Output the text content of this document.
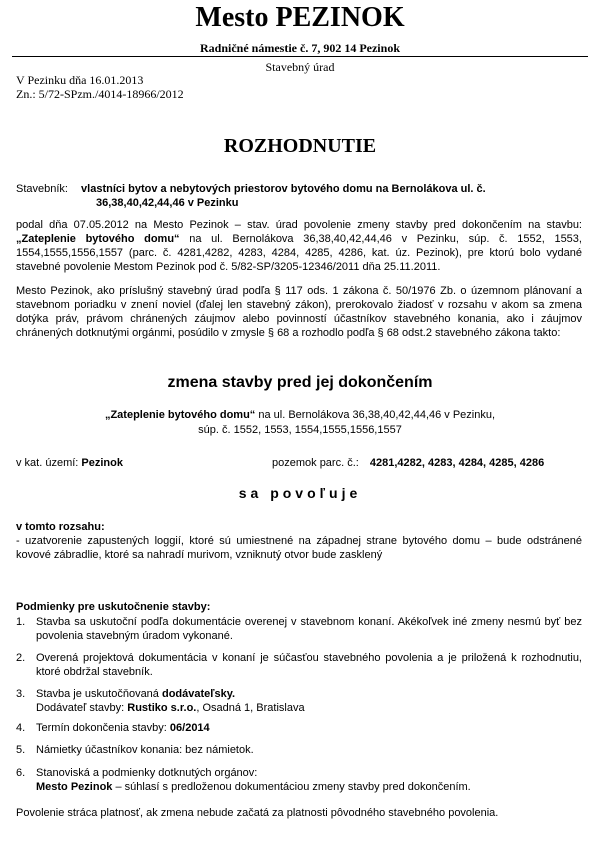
Mesto PEZINOK
Radničné námestie č. 7, 902 14 Pezinok
Stavebný úrad
V Pezinku dňa 16.01.2013
Zn.: 5/72-SPzm./4014-18966/2012
ROZHODNUTIE
Stavebník: vlastníci bytov a nebytových priestorov bytového domu na Bernolákova ul. č.
36,38,40,42,44,46 v Pezinku
podal dňa 07.05.2012 na Mesto Pezinok – stav. úrad povolenie zmeny stavby pred dokončením na stavbu: „Zateplenie bytového domu“ na ul. Bernolákova 36,38,40,42,44,46 v Pezinku, súp. č. 1552, 1553, 1554,1555,1556,1557 (parc. č. 4281,4282, 4283, 4284, 4285, 4286, kat. úz. Pezinok), pre ktorú bolo vydané stavebné povolenie Mestom Pezinok pod č. 5/82-SP/3205-12346/2011 dňa 25.11.2011.
Mesto Pezinok, ako príslušný stavebný úrad podľa § 117 ods. 1 zákona č. 50/1976 Zb. o územnom plánovaní a stavebnom poriadku v znení noviel (ďalej len stavebný zákon), prerokovalo žiadosť v rozsahu v akom sa zmena dotýka práv, právom chránených záujmov alebo povinností účastníkov stavebného konania, ako i záujmov chránených dotknutými orgánmi, posúdilo v zmysle § 68 a rozhodlo podľa § 68 odst.2 stavebného zákona takto:
zmena stavby pred jej dokončením
„Zateplenie bytového domu“ na ul. Bernolákova 36,38,40,42,44,46 v Pezinku,
súp. č. 1552, 1553, 1554,1555,1556,1557
v kat. území: Pezinok	pozemok parc. č.: 4281,4282, 4283, 4284, 4285, 4286
sa povoľuje
v tomto rozsahu:
- uzatvorenie zapustených loggií, ktoré sú umiestnené na západnej strane bytového domu – bude odstránené kovové zábradlie, ktoré sa nahradí murivom, vzniknutý otvor bude zasklený
Podmienky pre uskutočnenie stavby:
1. Stavba sa uskutoční podľa dokumentácie overenej v stavebnom konaní. Akékoľvek iné zmeny nesmú byť bez povolenia stavebným úradom vykonané.
2. Overená projektová dokumentácia v konaní je súčasťou stavebného povolenia a je priložená k rozhodnutiu, ktoré obdržal stavebník.
3. Stavba je uskutočňovaná dodávateľsky.
Dodávateľ stavby: Rustiko s.r.o., Osadná 1, Bratislava
4. Termín dokončenia stavby: 06/2014
5. Námietky účastníkov konania: bez námietok.
6. Stanoviská a podmienky dotknutých orgánov:
Mesto Pezinok – súhlasí s predloženou dokumentáciou zmeny stavby pred dokončením.
Povolenie stráca platnosť, ak zmena nebude začatá za platnosti pôvodného stavebného povolenia.
